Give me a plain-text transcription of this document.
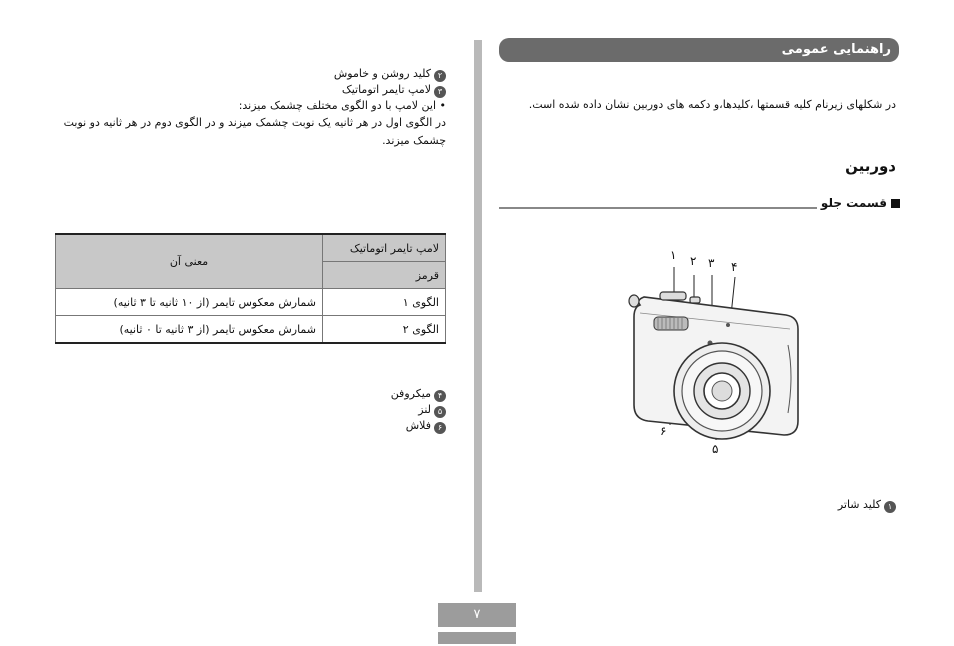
راهنمایی عمومی
در شکلهای زیرنام کلیه قسمتها ،کلیدها،و دکمه های دوربین نشان داده شده است.
دوربین
قسمت جلو
۱ ۲ ۳ ۴
۵
۶
۱کلید شاتر
۲کلید روشن و خاموش
۳لامپ تایمر اتوماتیک
• این لامپ با دو الگوی مختلف چشمک میزند:
در الگوی اول در هر ثانیه یک نوبت چشمک میزند و در الگوی دوم در هر ثانیه دو نوبت چشمک میزند.
لامپ تایمر اتوماتیک	معنی آن
قرمز	
الگوی ۱	شمارش معکوس تایمر (از ۱۰ ثانیه تا ۳ ثانیه)
الگوی ۲	شمارش معکوس تایمر (از ۳ ثانیه تا ۰ ثانیه)
۴میکروفن
۵لنز
۶فلاش
۷
